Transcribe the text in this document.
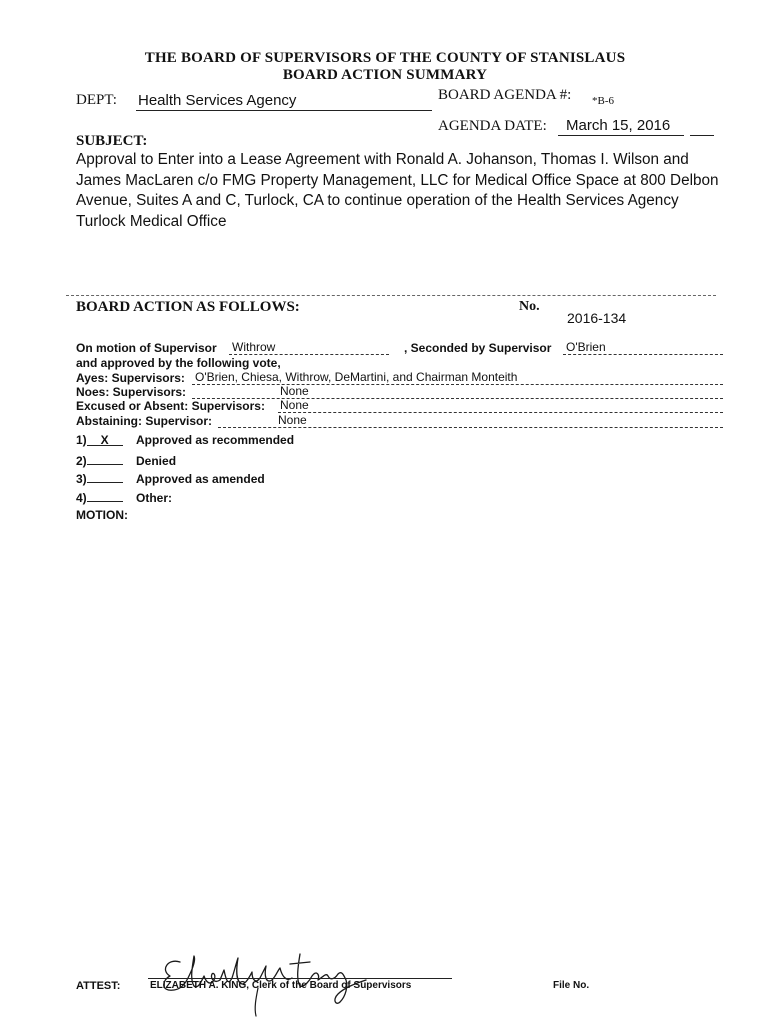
THE BOARD OF SUPERVISORS OF THE COUNTY OF STANISLAUS
BOARD ACTION SUMMARY
DEPT: Health Services Agency	BOARD AGENDA #: *B-6
AGENDA DATE: March 15, 2016
SUBJECT:
Approval to Enter into a Lease Agreement with Ronald A. Johanson, Thomas I. Wilson and James MacLaren c/o FMG Property Management, LLC for Medical Office Space at 800 Delbon Avenue, Suites A and C, Turlock, CA to continue operation of the Health Services Agency Turlock Medical Office
BOARD ACTION AS FOLLOWS:	No.
2016-134
On motion of Supervisor Withrow	, Seconded by Supervisor O'Brien
and approved by the following vote,
Ayes: Supervisors: O'Brien, Chiesa, Withrow, DeMartini, and Chairman Monteith
Noes: Supervisors:	None
Excused or Absent: Supervisors: None
Abstaining: Supervisor:	None
1) X Approved as recommended
2)	Denied
3)	Approved as amended
4)	Other:
MOTION:
ATTEST:	ELIZABETH A. KING, Clerk of the Board of Supervisors	File No.
